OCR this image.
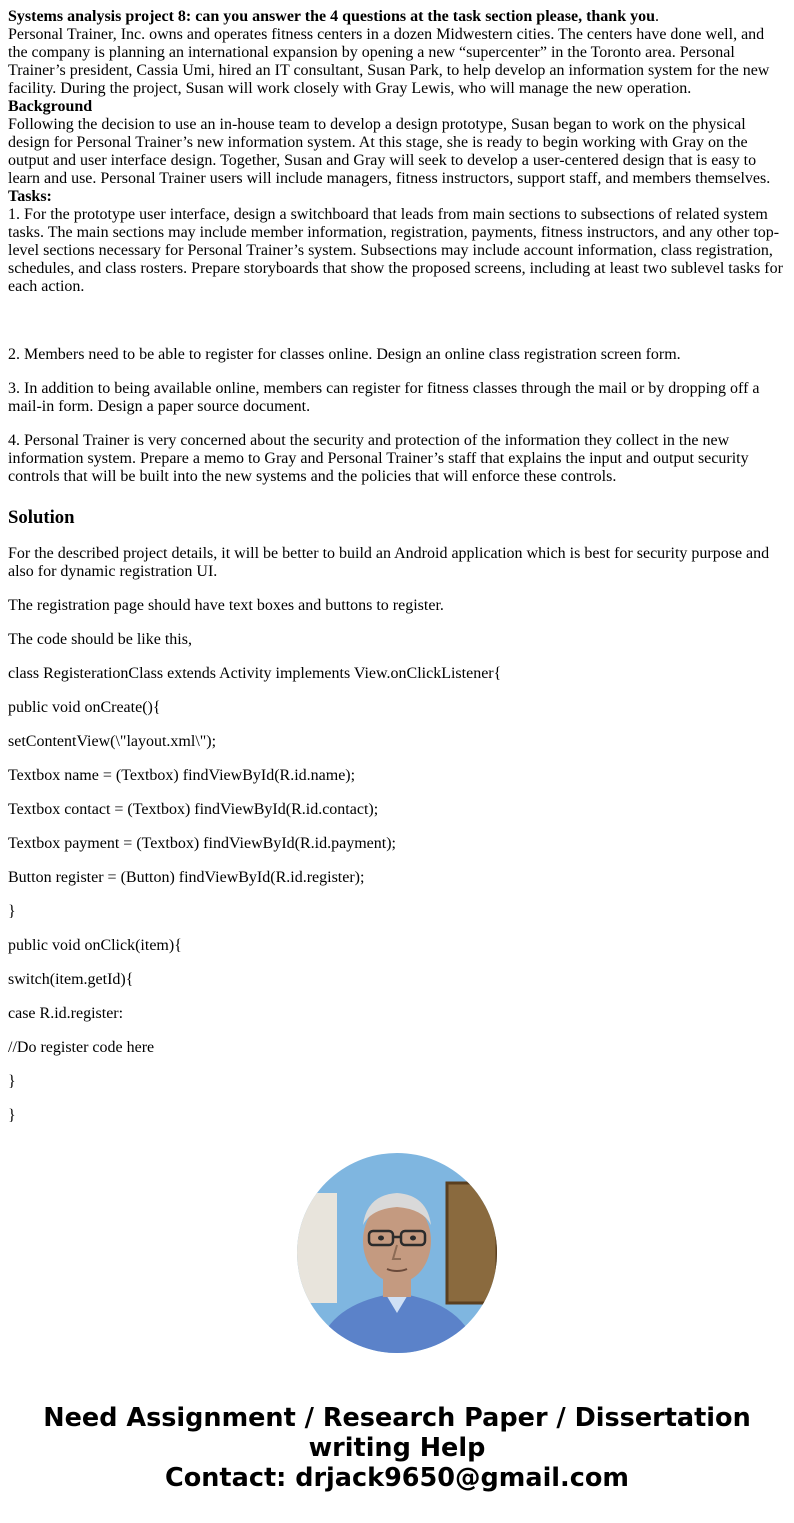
Systems analysis project 8: can you answer the 4 questions at the task section please, thank you.
Personal Trainer, Inc. owns and operates fitness centers in a dozen Midwestern cities. The centers have done well, and the company is planning an international expansion by opening a new “supercenter” in the Toronto area. Personal Trainer’s president, Cassia Umi, hired an IT consultant, Susan Park, to help develop an information system for the new facility. During the project, Susan will work closely with Gray Lewis, who will manage the new operation.
Background
Following the decision to use an in-house team to develop a design prototype, Susan began to work on the physical design for Personal Trainer’s new information system. At this stage, she is ready to begin working with Gray on the output and user interface design. Together, Susan and Gray will seek to develop a user-centered design that is easy to learn and use. Personal Trainer users will include managers, fitness instructors, support staff, and members themselves.
Tasks:
1. For the prototype user interface, design a switchboard that leads from main sections to subsections of related system tasks. The main sections may include member information, registration, payments, fitness instructors, and any other top-level sections necessary for Personal Trainer’s system. Subsections may include account information, class registration, schedules, and class rosters. Prepare storyboards that show the proposed screens, including at least two sublevel tasks for each action.

2. Members need to be able to register for classes online. Design an online class registration screen form.

3. In addition to being available online, members can register for fitness classes through the mail or by dropping off a mail-in form. Design a paper source document.

4. Personal Trainer is very concerned about the security and protection of the information they collect in the new information system. Prepare a memo to Gray and Personal Trainer’s staff that explains the input and output security controls that will be built into the new systems and the policies that will enforce these controls.

Solution

For the described project details, it will be better to build an Android application which is best for security purpose and also for dynamic registration UI.

The registration page should have text boxes and buttons to register.

The code should be like this,

class RegisterationClass extends Activity implements View.onClickListener{

public void onCreate(){

setContentView(\"layout.xml\");

Textbox name = (Textbox) findViewById(R.id.name);

Textbox contact = (Textbox) findViewById(R.id.contact);

Textbox payment = (Textbox) findViewById(R.id.payment);

Button register = (Button) findViewById(R.id.register);

}

public void onClick(item){

switch(item.getId){

case R.id.register:

//Do register code here

}

}

Need Assignment / Research Paper / Dissertation writing Help
Contact: drjack9650@gmail.com
